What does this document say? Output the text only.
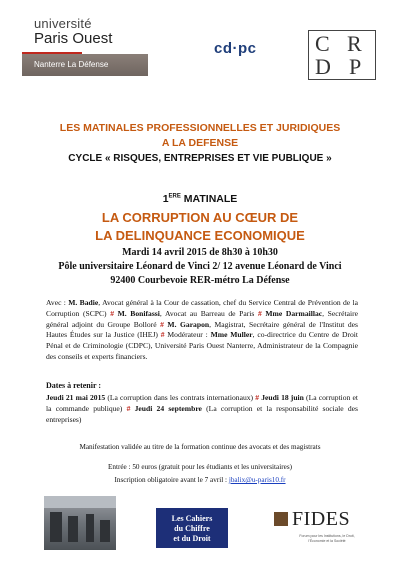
université
Paris Ouest
Nanterre La Défense
cd·pc	C R
D P
LES MATINALES PROFESSIONNELLES ET JURIDIQUES
A LA DEFENSE
CYCLE « RISQUES, ENTREPRISES ET VIE PUBLIQUE »
1ERE MATINALE
LA CORRUPTION AU CŒUR DE
LA DELINQUANCE ECONOMIQUE
Mardi 14 avril 2015 de 8h30 à 10h30
Pôle universitaire Léonard de Vinci 2/ 12 avenue Léonard de Vinci
92400 Courbevoie RER-métro La Défense
Avec : M. Badie, Avocat général à la Cour de cassation, chef du Service Central de Prévention de la Corruption (SCPC) # M. Bonifassi, Avocat au Barreau de Paris # Mme Darmaillac, Secrétaire général adjoint du Groupe Bolloré # M. Garapon, Magistrat, Secrétaire général de l'Institut des Hautes Études sur la Justice (IHEJ) # Modérateur : Mme Muller, co-directrice du Centre de Droit Pénal et de Criminologie (CDPC), Université Paris Ouest Nanterre, Administrateur de la Compagnie des conseils et experts financiers.
Dates à retenir :
Jeudi 21 mai 2015 (La corruption dans les contrats internationaux) # Jeudi 18 juin (La corruption et la commande publique) # Jeudi 24 septembre (La corruption et la responsabilité sociale des entreprises)
Manifestation validée au titre de la formation continue des avocats et des magistrats
Entrée : 50 euros (gratuit pour les étudiants et les universitaires)
Inscription obligatoire avant le 7 avril : jbalix@u-paris10.fr
Les Cahiers
du Chiffre
et du Droit
FIDES
Forum pour les Institutions, le Droit, l'Économie et la Société
